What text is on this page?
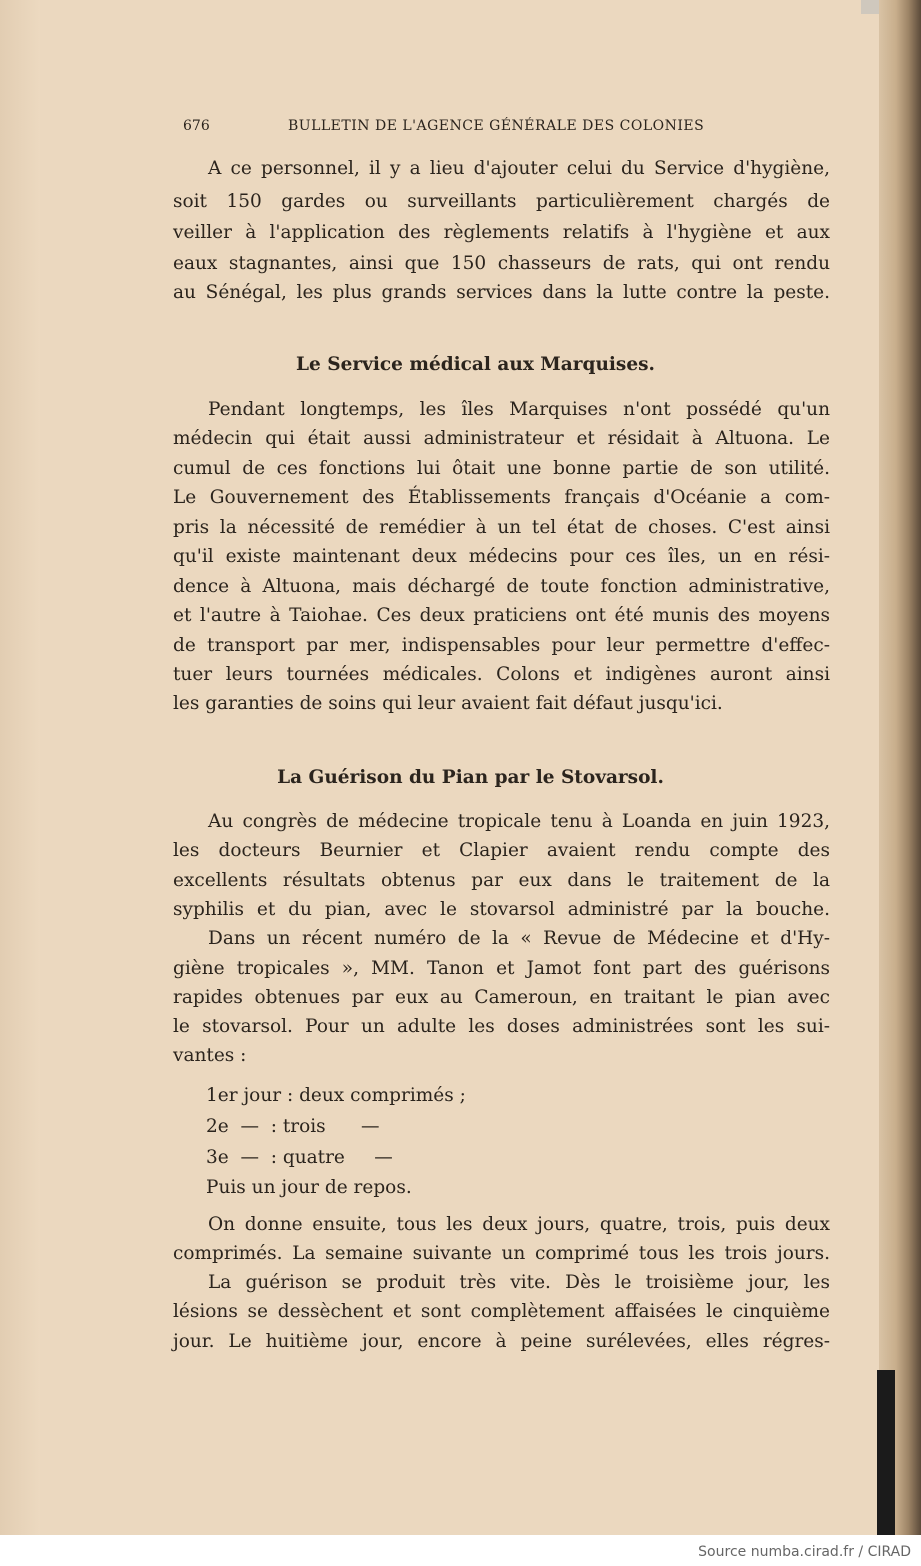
676	BULLETIN DE L'AGENCE GÉNÉRALE DES COLONIES
A ce personnel, il y a lieu d'ajouter celui du Service d'hygiène,
soit 150 gardes ou surveillants particulièrement chargés de
veiller à l'application des règlements relatifs à l'hygiène et aux
eaux stagnantes, ainsi que 150 chasseurs de rats, qui ont rendu
au Sénégal, les plus grands services dans la lutte contre la peste.
Le Service médical aux Marquises.
Pendant longtemps, les îles Marquises n'ont possédé qu'un
médecin qui était aussi administrateur et résidait à Altuona. Le
cumul de ces fonctions lui ôtait une bonne partie de son utilité.
Le Gouvernement des Établissements français d'Océanie a com-
pris la nécessité de remédier à un tel état de choses. C'est ainsi
qu'il existe maintenant deux médecins pour ces îles, un en rési-
dence à Altuona, mais déchargé de toute fonction administrative,
et l'autre à Taiohae. Ces deux praticiens ont été munis des moyens
de transport par mer, indispensables pour leur permettre d'effec-
tuer leurs tournées médicales. Colons et indigènes auront ainsi
les garanties de soins qui leur avaient fait défaut jusqu'ici.
La Guérison du Pian par le Stovarsol.
Au congrès de médecine tropicale tenu à Loanda en juin 1923,
les docteurs Beurnier et Clapier avaient rendu compte des
excellents résultats obtenus par eux dans le traitement de la
syphilis et du pian, avec le stovarsol administré par la bouche.
Dans un récent numéro de la « Revue de Médecine et d'Hy-
giène tropicales », MM. Tanon et Jamot font part des guérisons
rapides obtenues par eux au Cameroun, en traitant le pian avec
le stovarsol. Pour un adulte les doses administrées sont les sui-
vantes :
1er jour : deux comprimés ;
2e  —  : trois      —
3e  —  : quatre     —
Puis un jour de repos.
On donne ensuite, tous les deux jours, quatre, trois, puis deux
comprimés. La semaine suivante un comprimé tous les trois jours.
La guérison se produit très vite. Dès le troisième jour, les
lésions se dessèchent et sont complètement affaisées le cinquième
jour. Le huitième jour, encore à peine surélevées, elles régres-
Source numba.cirad.fr / CIRAD
